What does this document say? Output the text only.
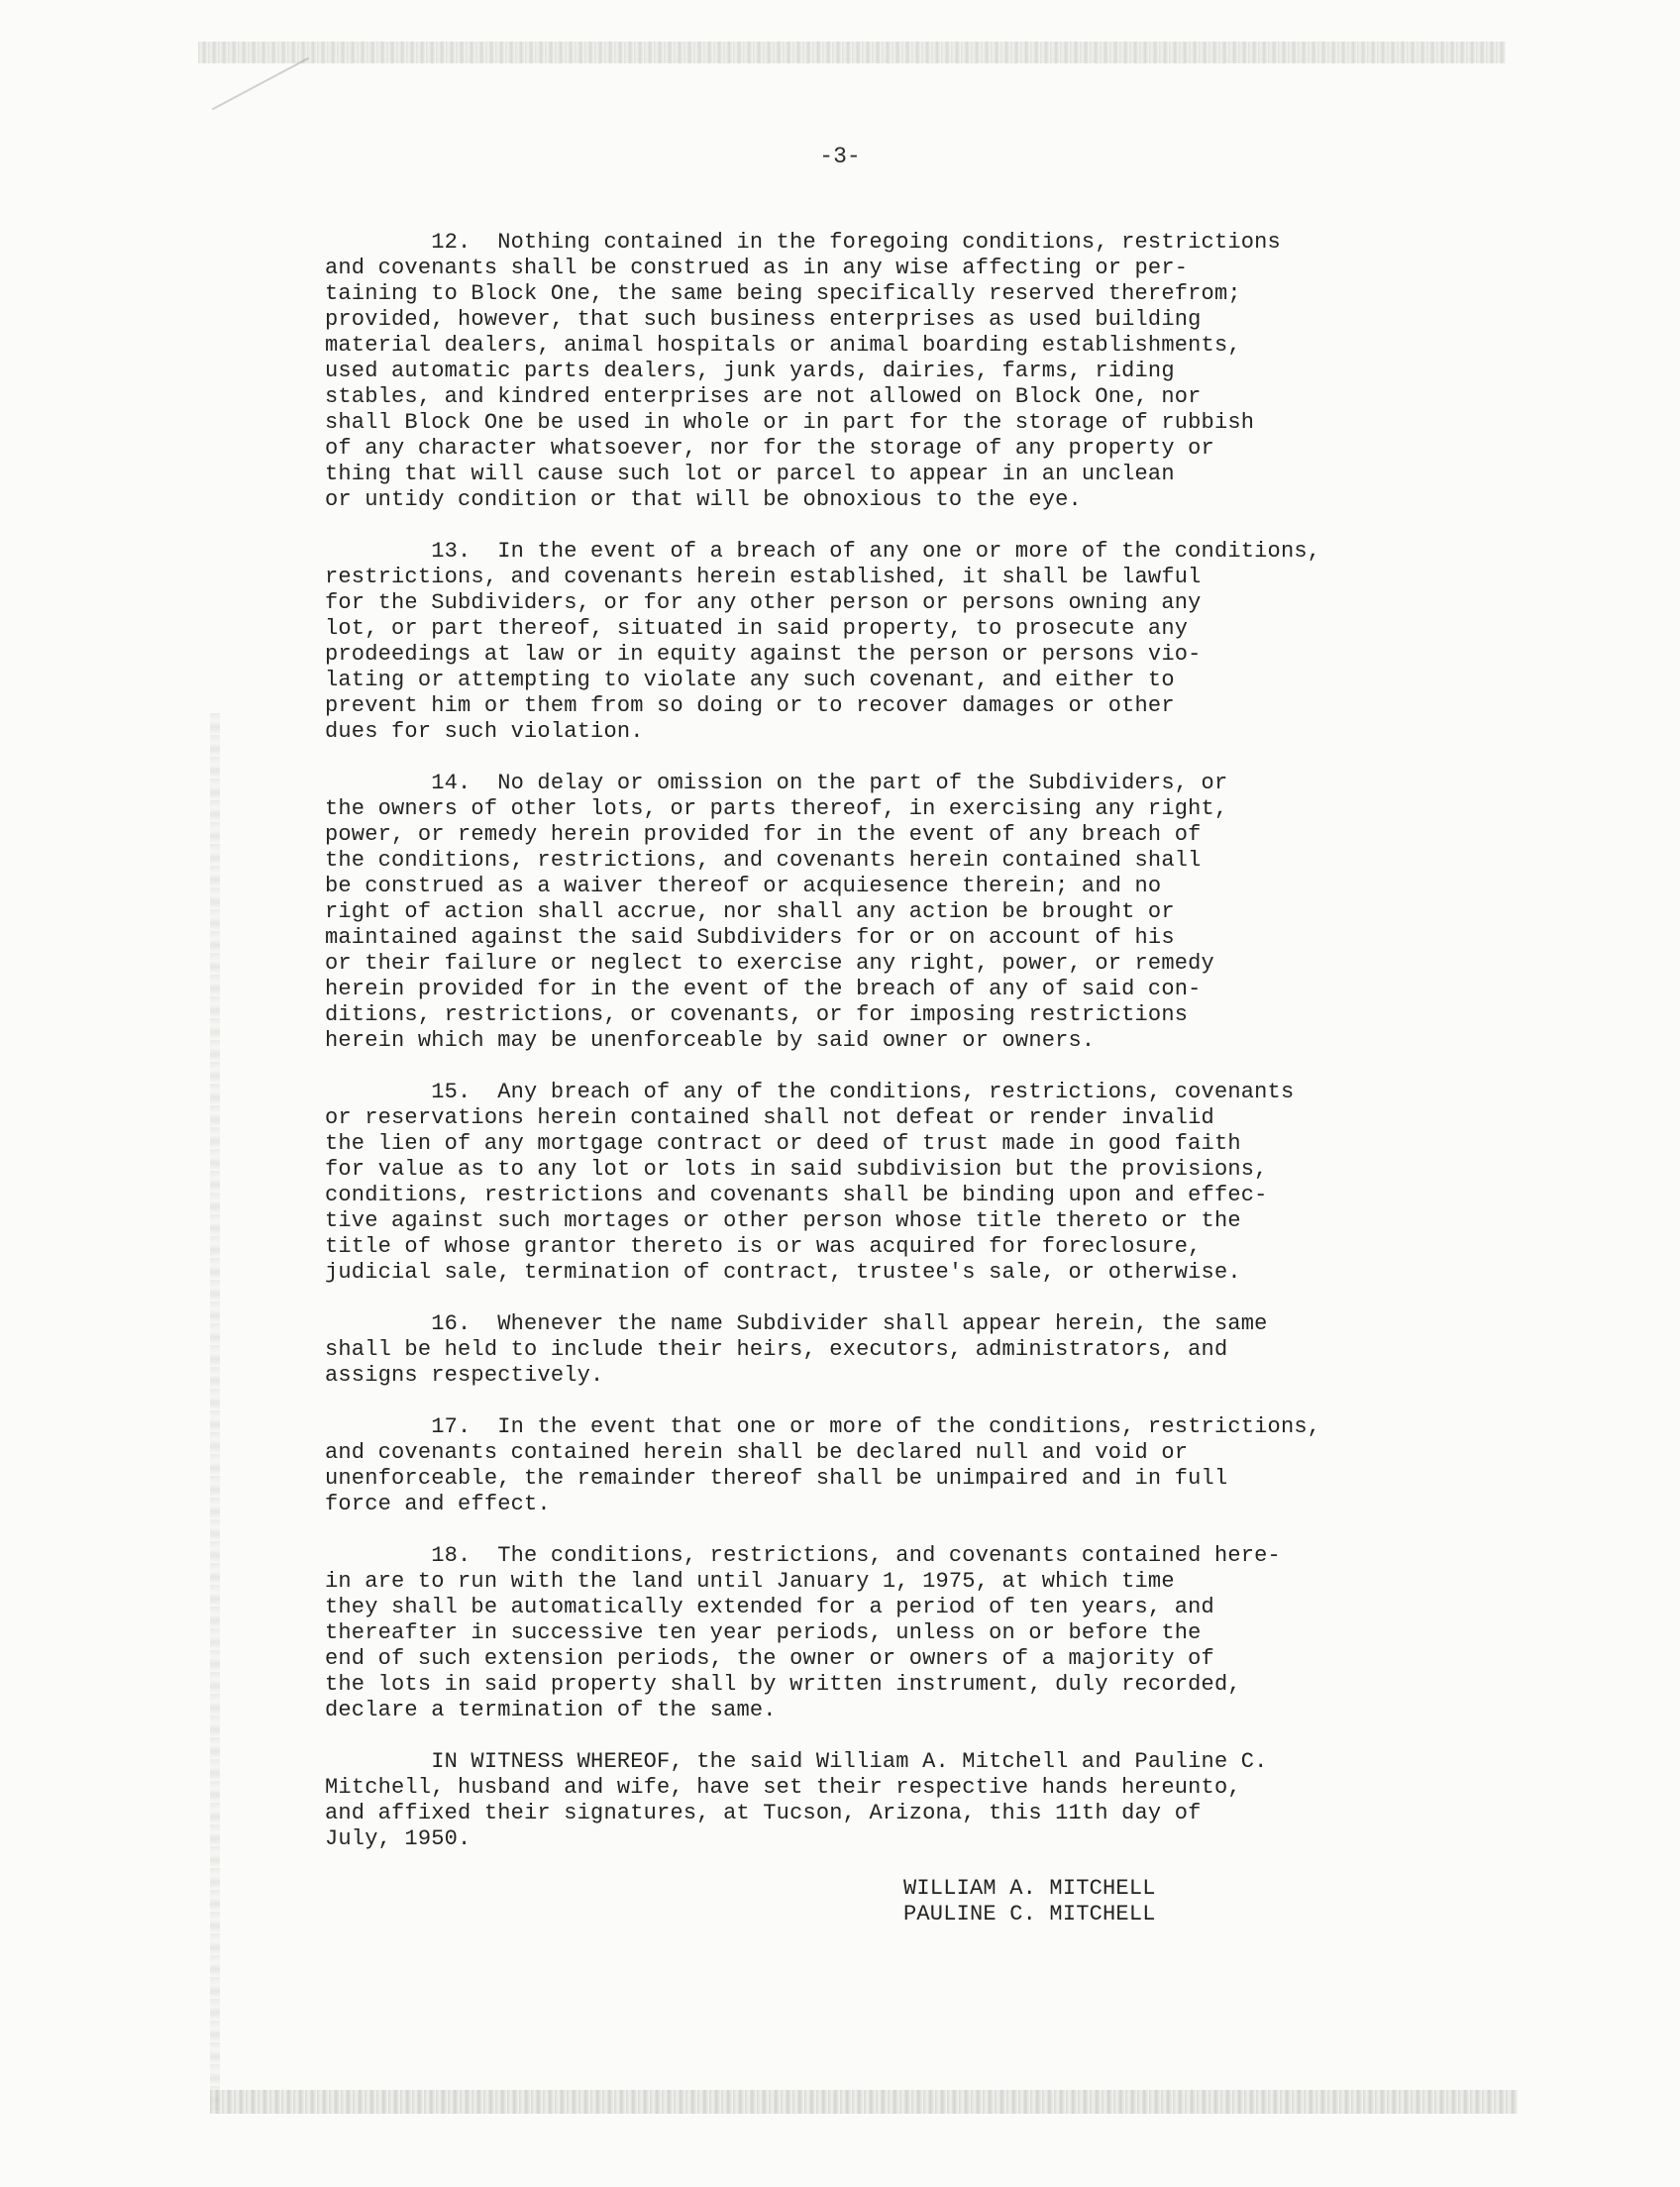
-3-

12.  Nothing contained in the foregoing conditions, restrictions
and covenants shall be construed as in any wise affecting or per-
taining to Block One, the same being specifically reserved therefrom;
provided, however, that such business enterprises as used building
material dealers, animal hospitals or animal boarding establishments,
used automatic parts dealers, junk yards, dairies, farms, riding
stables, and kindred enterprises are not allowed on Block One, nor
shall Block One be used in whole or in part for the storage of rubbish
of any character whatsoever, nor for the storage of any property or
thing that will cause such lot or parcel to appear in an unclean
or untidy condition or that will be obnoxious to the eye.

13.  In the event of a breach of any one or more of the conditions,
restrictions, and covenants herein established, it shall be lawful
for the Subdividers, or for any other person or persons owning any
lot, or part thereof, situated in said property, to prosecute any
prodeedings at law or in equity against the person or persons vio-
lating or attempting to violate any such covenant, and either to
prevent him or them from so doing or to recover damages or other
dues for such violation.

14.  No delay or omission on the part of the Subdividers, or
the owners of other lots, or parts thereof, in exercising any right,
power, or remedy herein provided for in the event of any breach of
the conditions, restrictions, and covenants herein contained shall
be construed as a waiver thereof or acquiesence therein; and no
right of action shall accrue, nor shall any action be brought or
maintained against the said Subdividers for or on account of his
or their failure or neglect to exercise any right, power, or remedy
herein provided for in the event of the breach of any of said con-
ditions, restrictions, or covenants, or for imposing restrictions
herein which may be unenforceable by said owner or owners.

15.  Any breach of any of the conditions, restrictions, covenants
or reservations herein contained shall not defeat or render invalid
the lien of any mortgage contract or deed of trust made in good faith
for value as to any lot or lots in said subdivision but the provisions,
conditions, restrictions and covenants shall be binding upon and effec-
tive against such mortages or other person whose title thereto or the
title of whose grantor thereto is or was acquired for foreclosure,
judicial sale, termination of contract, trustee's sale, or otherwise.

16.  Whenever the name Subdivider shall appear herein, the same
shall be held to include their heirs, executors, administrators, and
assigns respectively.

17.  In the event that one or more of the conditions, restrictions,
and covenants contained herein shall be declared null and void or
unenforceable, the remainder thereof shall be unimpaired and in full
force and effect.

18.  The conditions, restrictions, and covenants contained here-
in are to run with the land until January 1, 1975, at which time
they shall be automatically extended for a period of ten years, and
thereafter in successive ten year periods, unless on or before the
end of such extension periods, the owner or owners of a majority of
the lots in said property shall by written instrument, duly recorded,
declare a termination of the same.

IN WITNESS WHEREOF, the said William A. Mitchell and Pauline C.
Mitchell, husband and wife, have set their respective hands hereunto,
and affixed their signatures, at Tucson, Arizona, this 11th day of
July, 1950.

WILLIAM A. MITCHELL
PAULINE C. MITCHELL
